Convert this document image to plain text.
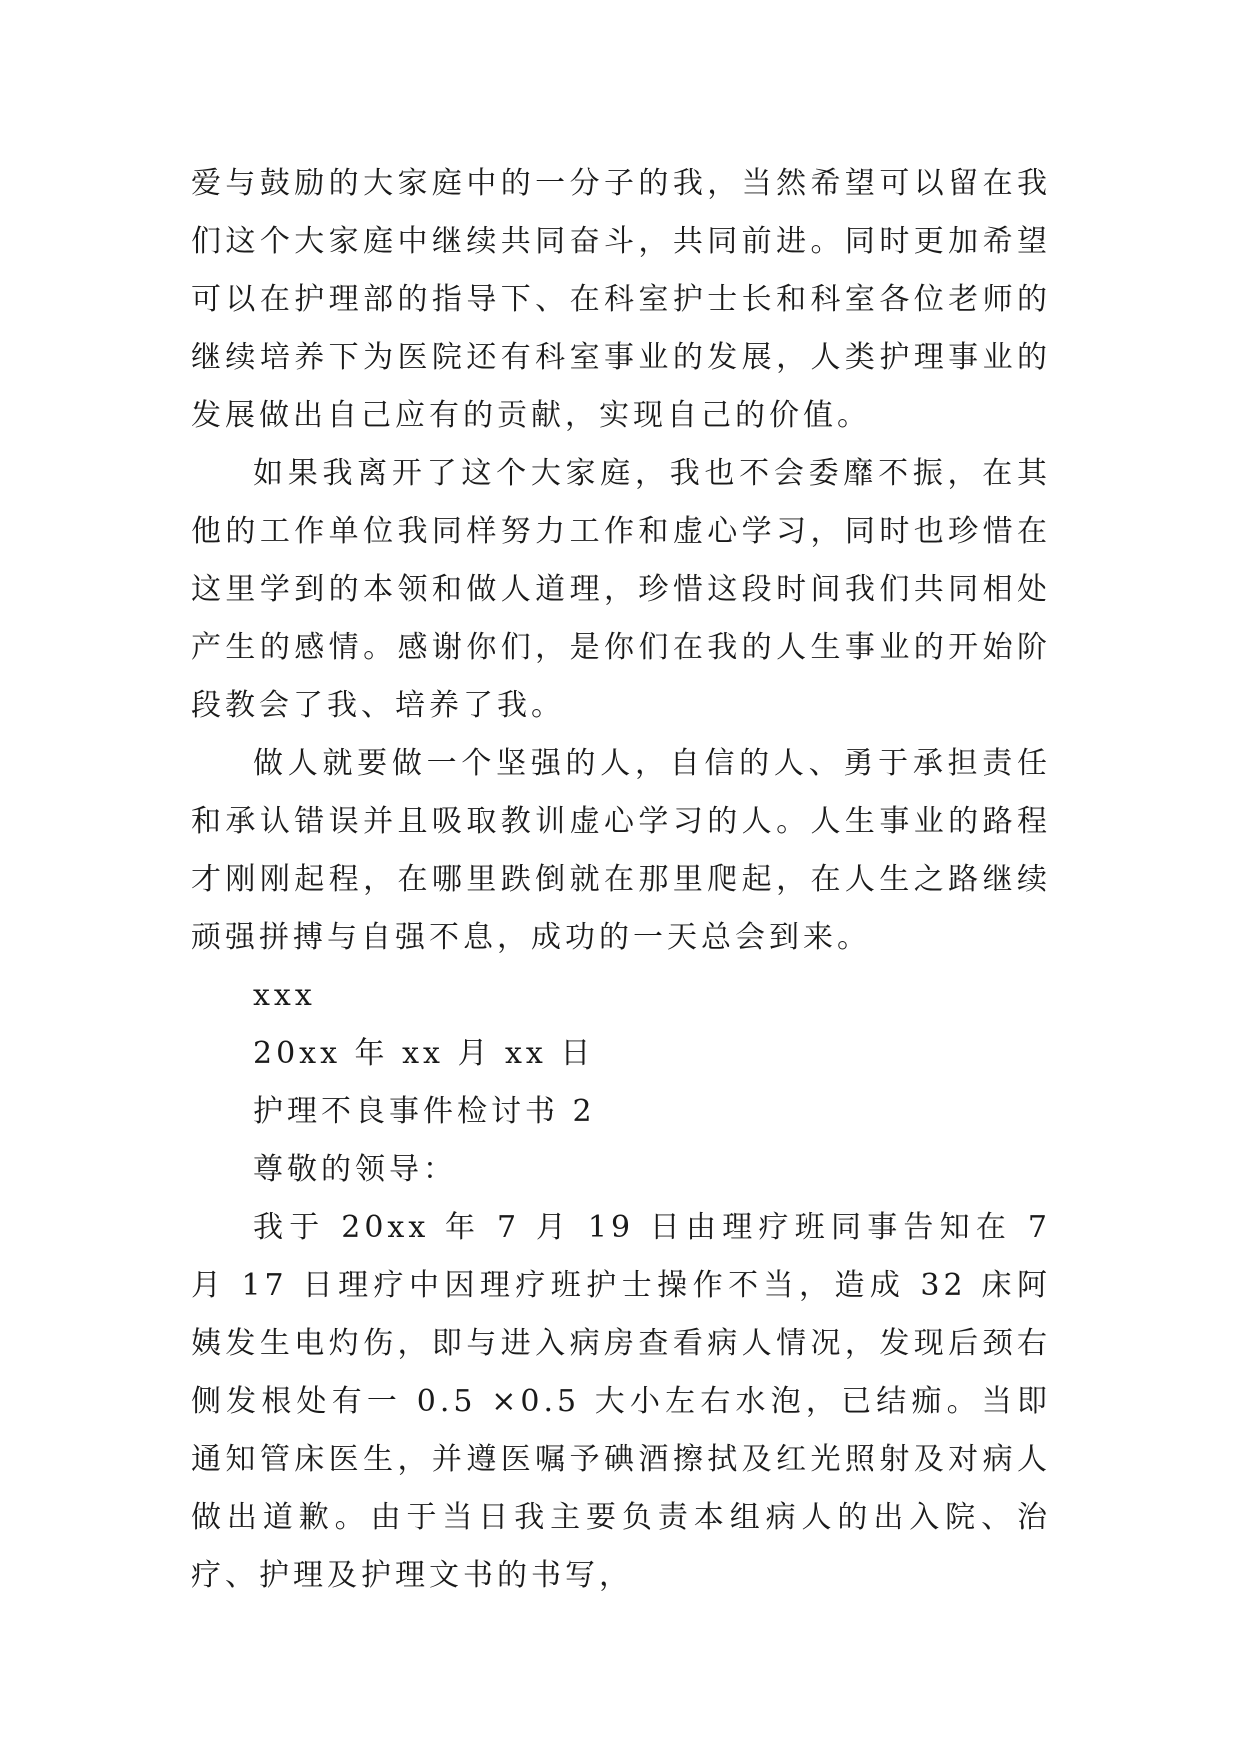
爱与鼓励的大家庭中的一分子的我，当然希望可以留在我们这个大家庭中继续共同奋斗，共同前进。同时更加希望可以在护理部的指导下、在科室护士长和科室各位老师的继续培养下为医院还有科室事业的发展，人类护理事业的发展做出自己应有的贡献，实现自己的价值。

如果我离开了这个大家庭，我也不会委靡不振，在其他的工作单位我同样努力工作和虚心学习，同时也珍惜在这里学到的本领和做人道理，珍惜这段时间我们共同相处产生的感情。感谢你们，是你们在我的人生事业的开始阶段教会了我、培养了我。

做人就要做一个坚强的人，自信的人、勇于承担责任和承认错误并且吸取教训虚心学习的人。人生事业的路程才刚刚起程，在哪里跌倒就在那里爬起，在人生之路继续顽强拼搏与自强不息，成功的一天总会到来。

xxx

20xx 年 xx 月 xx 日

护理不良事件检讨书 2

尊敬的领导：

我于 20xx 年 7 月 19 日由理疗班同事告知在 7 月 17 日理疗中因理疗班护士操作不当，造成 32 床阿姨发生电灼伤，即与进入病房查看病人情况，发现后颈右侧发根处有一 0.5 ×0.5 大小左右水泡，已结痂。当即通知管床医生，并遵医嘱予碘酒擦拭及红光照射及对病人做出道歉。由于当日我主要负责本组病人的出入院、治疗、护理及护理文书的书写，
